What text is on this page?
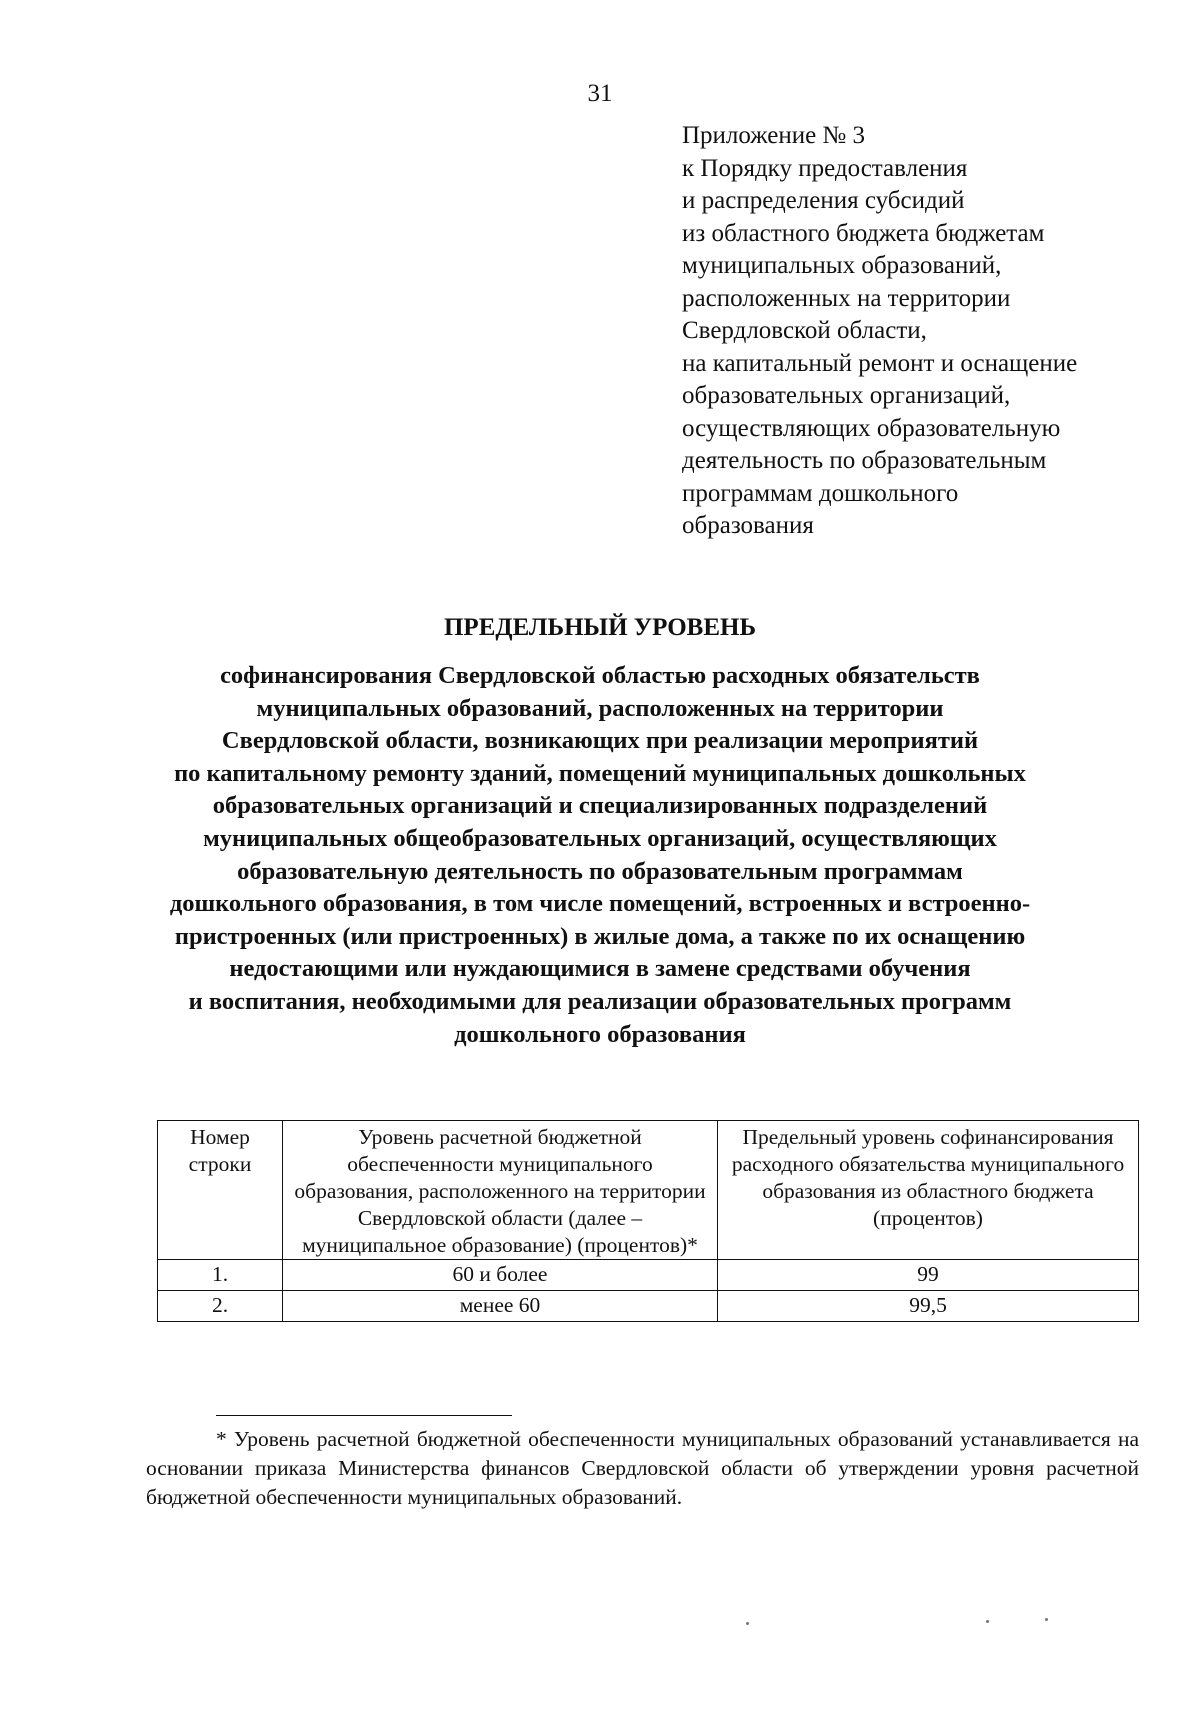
31
Приложение № 3
к Порядку предоставления
и распределения субсидий
из областного бюджета бюджетам
муниципальных образований,
расположенных на территории
Свердловской области,
на капитальный ремонт и оснащение
образовательных организаций,
осуществляющих образовательную
деятельность по образовательным
программам дошкольного
образования
ПРЕДЕЛЬНЫЙ УРОВЕНЬ
софинансирования Свердловской областью расходных обязательств
муниципальных образований, расположенных на территории
Свердловской области, возникающих при реализации мероприятий
по капитальному ремонту зданий, помещений муниципальных дошкольных
образовательных организаций и специализированных подразделений
муниципальных общеобразовательных организаций, осуществляющих
образовательную деятельность по образовательным программам
дошкольного образования, в том числе помещений, встроенных и встроенно-
пристроенных (или пристроенных) в жилые дома, а также по их оснащению
недостающими или нуждающимися в замене средствами обучения
и воспитания, необходимыми для реализации образовательных программ
дошкольного образования
Номер строки	Уровень расчетной бюджетной обеспеченности муниципального образования, расположенного на территории Свердловской области (далее – муниципальное образование) (процентов)*	Предельный уровень софинансирования расходного обязательства муниципального образования из областного бюджета (процентов)
1.	60 и более	99
2.	менее 60	99,5
* Уровень расчетной бюджетной обеспеченности муниципальных образований устанавливается на основании приказа Министерства финансов Свердловской области об утверждении уровня расчетной бюджетной обеспеченности муниципальных образований.
